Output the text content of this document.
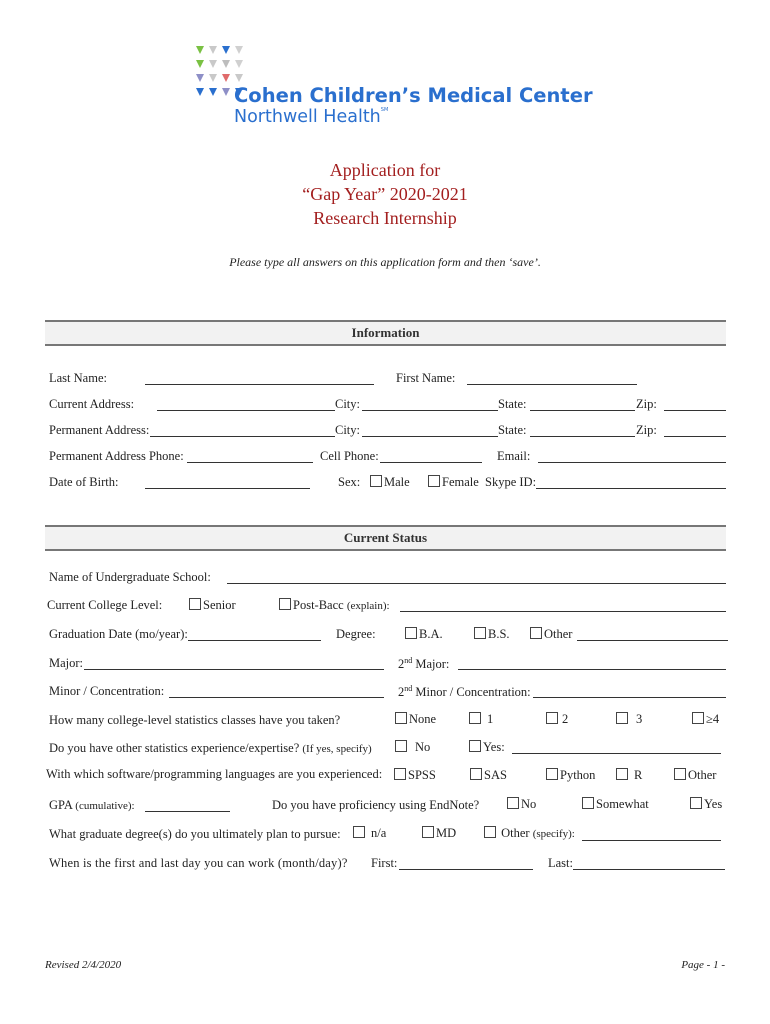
Cohen Children’s Medical Center
Northwell Health℠
Application for
“Gap Year” 2020-2021
Research Internship
Please type all answers on this application form and then ‘save’.
Information
Last Name:	First Name:
Current Address:	City:	State:	Zip:
Permanent Address:	City:	State:	Zip:
Permanent Address Phone:	Cell Phone:	Email:
Date of Birth:	Sex:	Male	Female Skype ID:
Current Status
Name of Undergraduate School:
Current College Level:	Senior	Post-Bacc (explain):
Graduation Date (mo/year):	Degree:	B.A.	B.S.	Other
Major:	2nd Major:
Minor / Concentration:	2nd Minor / Concentration:
How many college-level statistics classes have you taken?	None	1	2	3	≥4
Do you have other statistics experience/expertise? (If yes, specify)	No	Yes:
With which software/programming languages are you experienced:	SPSS	SAS	Python	R	Other
GPA (cumulative):	Do you have proficiency using EndNote?	No	Somewhat	Yes
What graduate degree(s) do you ultimately plan to pursue:	n/a	MD	Other (specify):
When is the first and last day you can work (month/day)? First:	Last:
Revised 2/4/2020	Page - 1 -
